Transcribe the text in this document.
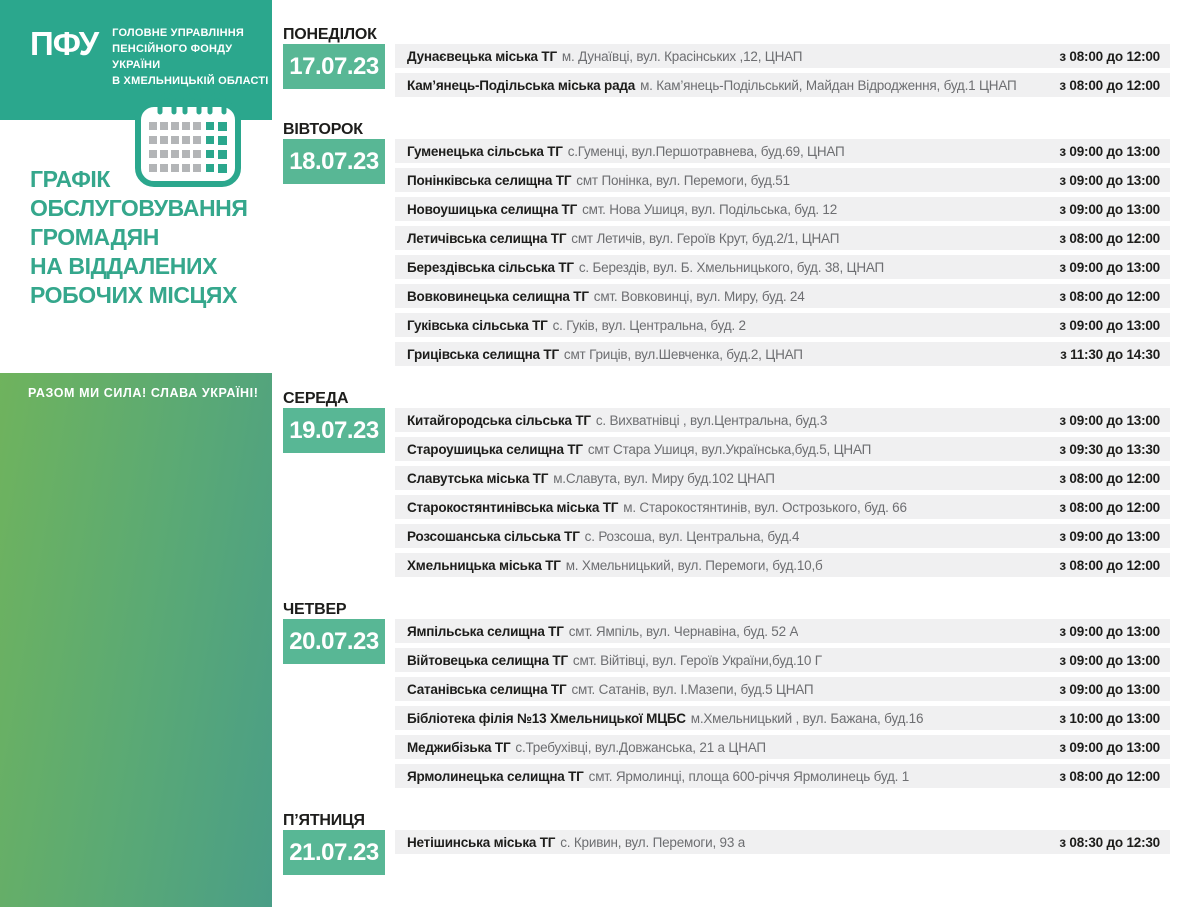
ПФУ ГОЛОВНЕ УПРАВЛІННЯ
ПЕНСІЙНОГО ФОНДУ УКРАЇНИ
В ХМЕЛЬНИЦЬКІЙ ОБЛАСТІ
ГРАФІК
ОБСЛУГОВУВАННЯ
ГРОМАДЯН
НА ВІДДАЛЕНИХ
РОБОЧИХ МІСЦЯХ
РАЗОМ МИ СИЛА! СЛАВА УКРАЇНІ!
ПОНЕДІЛОК
17.07.23	Дунаєвецька міська ТГ м. Дунаївці, вул. Красінських ,12, ЦНАП	з 08:00 до 12:00
Кам’янець-Подільська міська рада м. Кам’янець-Подільський, Майдан Відродження, буд.1 ЦНАП	з 08:00 до 12:00
ВІВТОРОК
18.07.23	Гуменецька сільська ТГ с.Гуменці, вул.Першотравнева, буд.69, ЦНАП	з 09:00 до 13:00
Понінківська селищна ТГ смт Понінка, вул. Перемоги, буд.51	з 09:00 до 13:00
Новоушицька селищна ТГ смт. Нова Ушиця, вул. Подільська, буд. 12	з 09:00 до 13:00
Летичівська селищна ТГ смт Летичів, вул. Героїв Крут, буд.2/1, ЦНАП	з 08:00 до 12:00
Берездівська сільська ТГ с. Берездів, вул. Б. Хмельницького, буд. 38, ЦНАП	з 09:00 до 13:00
Вовковинецька селищна ТГ смт. Вовковинці, вул. Миру, буд. 24	з 08:00 до 12:00
Гуківська сільська ТГ с. Гуків, вул. Центральна, буд. 2	з 09:00 до 13:00
Грицівська селищна ТГ смт Гриців, вул.Шевченка, буд.2, ЦНАП	з 11:30 до 14:30
СЕРЕДА
19.07.23	Китайгородська сільська ТГ с. Вихватнівці , вул.Центральна, буд.3	з 09:00 до 13:00
Староушицька селищна ТГ смт Стара Ушиця, вул.Українська,буд.5, ЦНАП	з 09:30 до 13:30
Славутська міська ТГ м.Славута, вул. Миру буд.102 ЦНАП	з 08:00 до 12:00
Старокостянтинівська міська ТГ м. Старокостянтинів, вул. Острозького, буд. 66	з 08:00 до 12:00
Розсошанська сільська ТГ с. Розсоша, вул. Центральна, буд.4	з 09:00 до 13:00
Хмельницька міська ТГ м. Хмельницький, вул. Перемоги, буд.10,б	з 08:00 до 12:00
ЧЕТВЕР
20.07.23	Ямпільська селищна ТГ смт. Ямпіль, вул. Чернавіна, буд. 52 А	з 09:00 до 13:00
Війтовецька селищна ТГ смт. Війтівці, вул. Героїв України,буд.10 Г	з 09:00 до 13:00
Сатанівська селищна ТГ смт. Сатанів, вул. І.Мазепи, буд.5 ЦНАП	з 09:00 до 13:00
Бібліотека філія №13 Хмельницької МЦБС м.Хмельницький , вул. Бажана, буд.16	з 10:00 до 13:00
Меджибізька ТГ с.Требухівці, вул.Довжанська, 21 а ЦНАП	з 09:00 до 13:00
Ярмолинецька селищна ТГ смт. Ярмолинці, площа 600-річчя Ярмолинець буд. 1	з 08:00 до 12:00
П’ЯТНИЦЯ
21.07.23	Нетішинська міська ТГ с. Кривин, вул. Перемоги, 93 а	з 08:30 до 12:30
